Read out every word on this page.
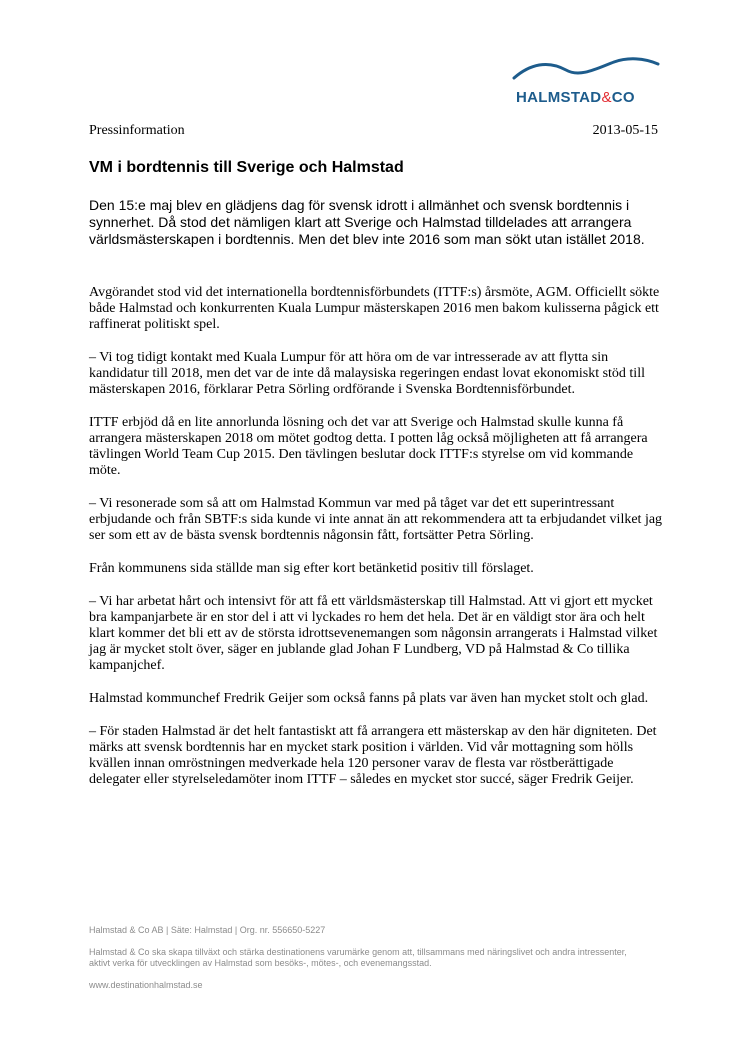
HALMSTAD&CO
Pressinformation	2013-05-15
VM i bordtennis till Sverige och Halmstad

Den 15:e maj blev en glädjens dag för svensk idrott i allmänhet och svensk bordtennis i synnerhet. Då stod det nämligen klart att Sverige och Halmstad tilldelades att arrangera världsmästerskapen i bordtennis. Men det blev inte 2016 som man sökt utan istället 2018.

Avgörandet stod vid det internationella bordtennisförbundets (ITTF:s) årsmöte, AGM. Officiellt sökte både Halmstad och konkurrenten Kuala Lumpur mästerskapen 2016 men bakom kulisserna pågick ett raffinerat politiskt spel.

– Vi tog tidigt kontakt med Kuala Lumpur för att höra om de var intresserade av att flytta sin kandidatur till 2018, men det var de inte då malaysiska regeringen endast lovat ekonomiskt stöd till mästerskapen 2016, förklarar Petra Sörling ordförande i Svenska Bordtennisförbundet.

ITTF erbjöd då en lite annorlunda lösning och det var att Sverige och Halmstad skulle kunna få arrangera mästerskapen 2018 om mötet godtog detta. I potten låg också möjligheten att få arrangera tävlingen World Team Cup 2015. Den tävlingen beslutar dock ITTF:s styrelse om vid kommande möte.

– Vi resonerade som så att om Halmstad Kommun var med på tåget var det ett superintressant erbjudande och från SBTF:s sida kunde vi inte annat än att rekommendera att ta erbjudandet vilket jag ser som ett av de bästa svensk bordtennis någonsin fått, fortsätter Petra Sörling.

Från kommunens sida ställde man sig efter kort betänketid positiv till förslaget.

– Vi har arbetat hårt och intensivt för att få ett världsmästerskap till Halmstad. Att vi gjort ett mycket bra kampanjarbete är en stor del i att vi lyckades ro hem det hela. Det är en väldigt stor ära och helt klart kommer det bli ett av de största idrottsevenemangen som någonsin arrangerats i Halmstad vilket jag är mycket stolt över, säger en jublande glad Johan F Lundberg, VD på Halmstad & Co tillika kampanjchef.

Halmstad kommunchef Fredrik Geijer som också fanns på plats var även han mycket stolt och glad.

– För staden Halmstad är det helt fantastiskt att få arrangera ett mästerskap av den här digniteten. Det märks att svensk bordtennis har en mycket stark position i världen. Vid vår mottagning som hölls kvällen innan omröstningen medverkade hela 120 personer varav de flesta var röstberättigade delegater eller styrelseledamöter inom ITTF – således en mycket stor succé, säger Fredrik Geijer.

Halmstad & Co AB | Säte: Halmstad | Org. nr. 556650-5227

Halmstad & Co ska skapa tillväxt och stärka destinationens varumärke genom att, tillsammans med näringslivet och andra intressenter, aktivt verka för utvecklingen av Halmstad som besöks-, mötes-, och evenemangsstad.

www.destinationhalmstad.se
